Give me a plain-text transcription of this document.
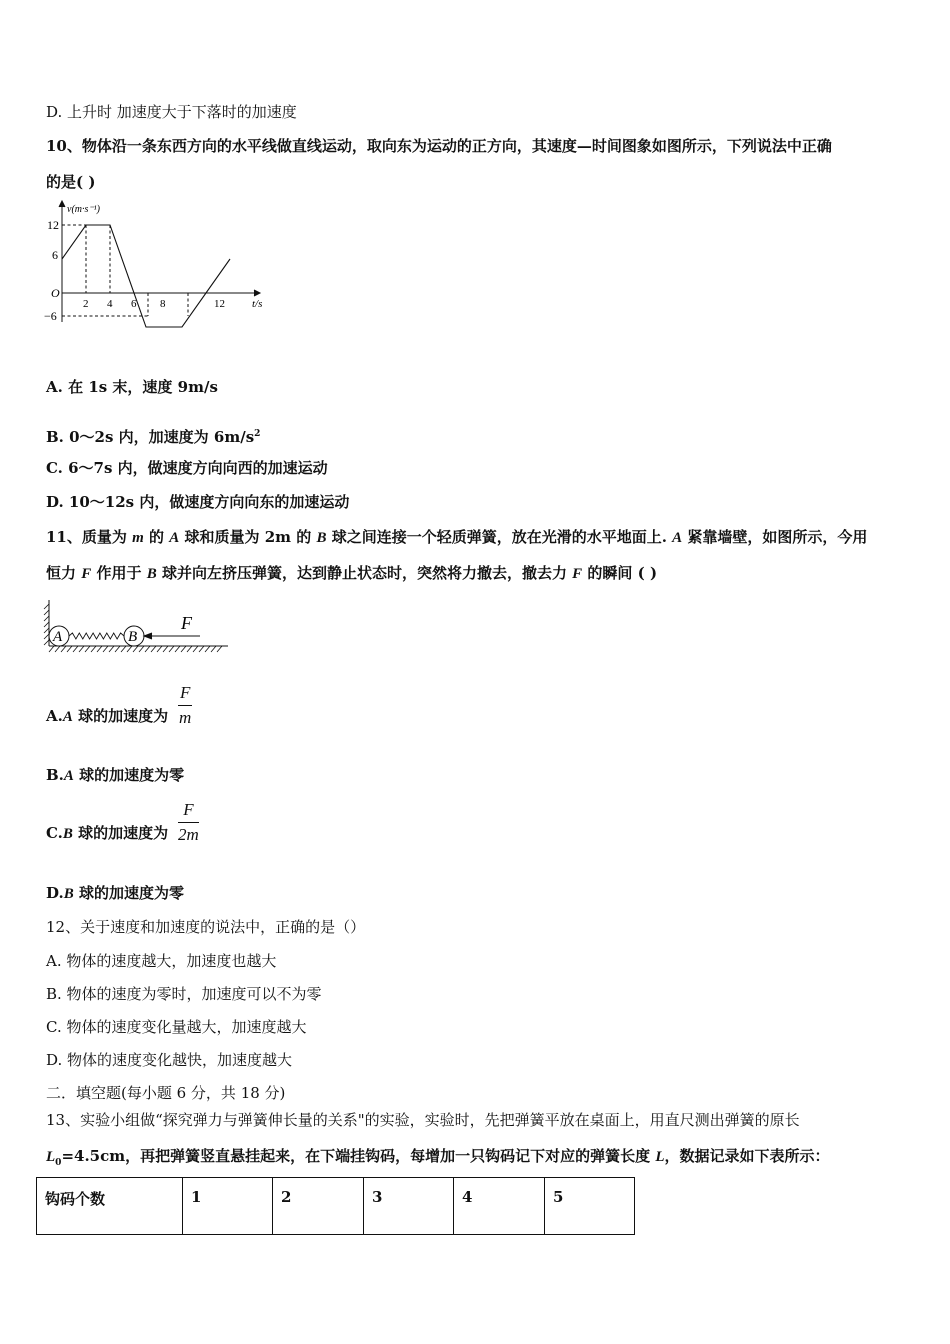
D. 上升时 加速度大于下落时的加速度
10、物体沿一条东西方向的水平线做直线运动，取向东为运动的正方向，其速度—时间图象如图所示，下列说法中正确
的是( )
v(m·s⁻¹)
t/s
O
12
6
−6
2 4 6 8	12
A. 在 1s 末，速度 9m/s
B. 0～2s 内，加速度为 $6m/s^2$
C. 6～7s 内，做速度方向向西的加速运动
D. 10～12s 内，做速度方向向东的加速运动
11、质量为 m 的 A 球和质量为 2m 的 B 球之间连接一个轻质弹簧，放在光滑的水平地面上. A 紧靠墙壁，如图所示，今用
恒力 F 作用于 B 球并向左挤压弹簧，达到静止状态时，突然将力撤去，撤去力 F 的瞬间 ( )
A	B
F
A.A 球的加速度为
F
m
B.A 球的加速度为零
C.B 球的加速度为
F
2m
D.B 球的加速度为零
12、关于速度和加速度的说法中，正确的是（）
A. 物体的速度越大，加速度也越大
B. 物体的速度为零时，加速度可以不为零
C. 物体的速度变化量越大，加速度越大
D. 物体的速度变化越快，加速度越大
二．填空题(每小题 6 分，共 18 分)
13、实验小组做“探究弹力与弹簧伸长量的关系"的实验，实验时，先把弹簧平放在桌面上，用直尺测出弹簧的原长
$L_0=4.5cm$，再把弹簧竖直悬挂起来，在下端挂钩码，每增加一只钩码记下对应的弹簧长度 L，数据记录如下表所示：
钩码个数	1	2	3	4	5
